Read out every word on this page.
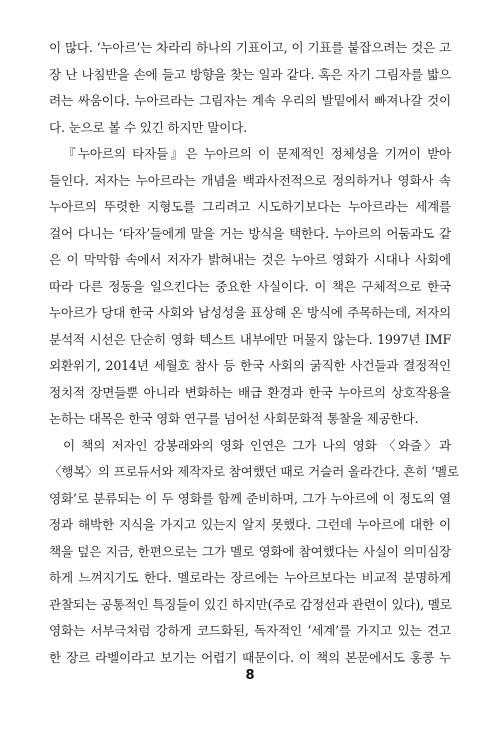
이 많다. ‘누아르’는 차라리 하나의 기표이고, 이 기표를 붙잡으려는 것은 고
장 난 나침반을 손에 들고 방향을 찾는 일과 같다. 혹은 자기 그림자를 밟으
려는 싸움이다. 누아르라는 그림자는 계속 우리의 발밑에서 빠져나갈 것이
다. 눈으로 볼 수 있긴 하지만 말이다.
『누아르의 타자들』은 누아르의 이 문제적인 정체성을 기꺼이 받아
들인다. 저자는 누아르라는 개념을 백과사전적으로 정의하거나 영화사 속
누아르의 뚜렷한 지형도를 그리려고 시도하기보다는 누아르라는 세계를
걸어 다니는 ‘타자’들에게 말을 거는 방식을 택한다. 누아르의 어둠과도 같
은 이 막막함 속에서 저자가 밝혀내는 것은 누아르 영화가 시대나 사회에
따라 다른 정동을 일으킨다는 중요한 사실이다. 이 책은 구체적으로 한국
누아르가 당대 한국 사회와 남성성을 표상해 온 방식에 주목하는데, 저자의
분석적 시선은 단순히 영화 텍스트 내부에만 머물지 않는다. 1997년 IMF
외환위기, 2014년 세월호 참사 등 한국 사회의 굵직한 사건들과 결정적인
정치적 장면들뿐 아니라 변화하는 배급 환경과 한국 누아르의 상호작용을
논하는 대목은 한국 영화 연구를 넘어선 사회문화적 통찰을 제공한다.
이 책의 저자인 강봉래와의 영화 인연은 그가 나의 영화 〈와즐〉과
〈행복〉의 프로듀서와 제작자로 참여했던 때로 거슬러 올라간다. 흔히 ‘멜로
영화’로 분류되는 이 두 영화를 함께 준비하며, 그가 누아르에 이 정도의 열
정과 해박한 지식을 가지고 있는지 알지 못했다. 그런데 누아르에 대한 이
책을 덮은 지금, 한편으로는 그가 멜로 영화에 참여했다는 사실이 의미심장
하게 느껴지기도 한다. 멜로라는 장르에는 누아르보다는 비교적 분명하게
관찰되는 공통적인 특징들이 있긴 하지만(주로 감정선과 관련이 있다), 멜로
영화는 서부극처럼 강하게 코드화된, 독자적인 ‘세계’를 가지고 있는 견고
한 장르 라벨이라고 보기는 어렵기 때문이다. 이 책의 본문에서도 홍콩 누
8
